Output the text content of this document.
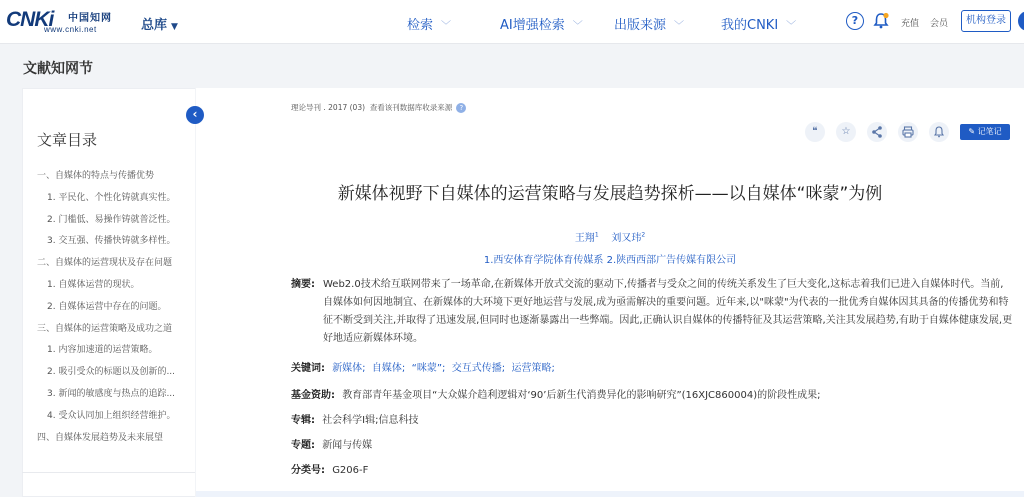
CNKi 中国知网
www.cnki.net	总库 ▼	检索 ﹀	AI增强检索 ﹀ 出版来源 ﹀	我的CNKI ﹀	?	充值 会员	机构登录
文献知网节
文章目录
一、自媒体的特点与传播优势
1. 平民化、个性化铸就真实性。
2. 门槛低、易操作铸就普泛性。
3. 交互强、传播快铸就多样性。
二、自媒体的运营现状及存在问题
1. 自媒体运营的现状。
2. 自媒体运营中存在的问题。
三、自媒体的运营策略及成功之道
1. 内容加速道的运营策略。
2. 吸引受众的标题以及创新的...
3. 新闻的敏感度与热点的追踪...
4. 受众认同加上组织经营维护。
四、自媒体发展趋势及未来展望
‹	理论导刊 . 2017 (03) 查看该刊数据库收录来源 ?
❝	☆	✎ 记笔记
新媒体视野下自媒体的运营策略与发展趋势探析——以自媒体“咪蒙”为例
王翔$^1$ 刘又玮$^2$
1.西安体育学院体育传媒系 2.陕西西部广告传媒有限公司
摘要: Web2.0技术给互联网带来了一场革命,在新媒体开放式交流的驱动下,传播者与受众之间的传统关系发生了巨大变化,这标志着我们已进入自媒体时代。当前,自媒体如何因地制宜、在新媒体的大环境下更好地运营与发展,成为亟需解决的重要问题。近年来,以"咪蒙"为代表的一批优秀自媒体因其具备的传播优势和特征不断受到关注,并取得了迅速发展,但同时也逐渐暴露出一些弊端。因此,正确认识自媒体的传播特征及其运营策略,关注其发展趋势,有助于自媒体健康发展,更好地适应新媒体环境。
关键词: 新媒体; 自媒体; “咪蒙”; 交互式传播; 运营策略;
基金资助: 教育部青年基金项目“大众媒介趋利逻辑对‘90’后新生代消费异化的影响研究”(16XJC860004)的阶段性成果;
专辑: 社会科学Ⅰ辑;信息科技
专题: 新闻与传媒
分类号: G206-F
